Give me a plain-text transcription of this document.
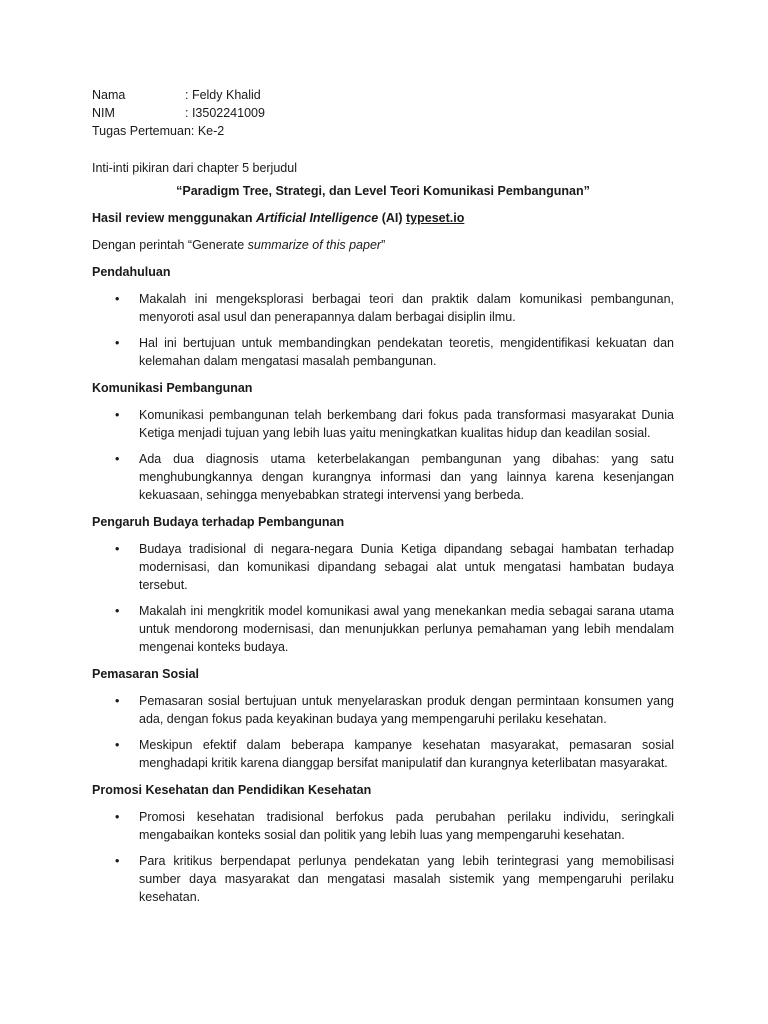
Nama	: Feldy Khalid
NIM	: I3502241009
Tugas Pertemuan: Ke-2
Inti-inti pikiran dari chapter 5 berjudul
“Paradigm Tree, Strategi, dan Level Teori Komunikasi Pembangunan”
Hasil review menggunakan Artificial Intelligence (AI) typeset.io
Dengan perintah “Generate summarize of this paper”
Pendahuluan
• Makalah ini mengeksplorasi berbagai teori dan praktik dalam komunikasi pembangunan, menyoroti asal usul dan penerapannya dalam berbagai disiplin ilmu.
• Hal ini bertujuan untuk membandingkan pendekatan teoretis, mengidentifikasi kekuatan dan kelemahan dalam mengatasi masalah pembangunan.
Komunikasi Pembangunan
• Komunikasi pembangunan telah berkembang dari fokus pada transformasi masyarakat Dunia Ketiga menjadi tujuan yang lebih luas yaitu meningkatkan kualitas hidup dan keadilan sosial.
• Ada dua diagnosis utama keterbelakangan pembangunan yang dibahas: yang satu menghubungkannya dengan kurangnya informasi dan yang lainnya karena kesenjangan kekuasaan, sehingga menyebabkan strategi intervensi yang berbeda.
Pengaruh Budaya terhadap Pembangunan
• Budaya tradisional di negara-negara Dunia Ketiga dipandang sebagai hambatan terhadap modernisasi, dan komunikasi dipandang sebagai alat untuk mengatasi hambatan budaya tersebut.
• Makalah ini mengkritik model komunikasi awal yang menekankan media sebagai sarana utama untuk mendorong modernisasi, dan menunjukkan perlunya pemahaman yang lebih mendalam mengenai konteks budaya.
Pemasaran Sosial
• Pemasaran sosial bertujuan untuk menyelaraskan produk dengan permintaan konsumen yang ada, dengan fokus pada keyakinan budaya yang mempengaruhi perilaku kesehatan.
• Meskipun efektif dalam beberapa kampanye kesehatan masyarakat, pemasaran sosial menghadapi kritik karena dianggap bersifat manipulatif dan kurangnya keterlibatan masyarakat.
Promosi Kesehatan dan Pendidikan Kesehatan
• Promosi kesehatan tradisional berfokus pada perubahan perilaku individu, seringkali mengabaikan konteks sosial dan politik yang lebih luas yang mempengaruhi kesehatan.
• Para kritikus berpendapat perlunya pendekatan yang lebih terintegrasi yang memobilisasi sumber daya masyarakat dan mengatasi masalah sistemik yang mempengaruhi perilaku kesehatan.
